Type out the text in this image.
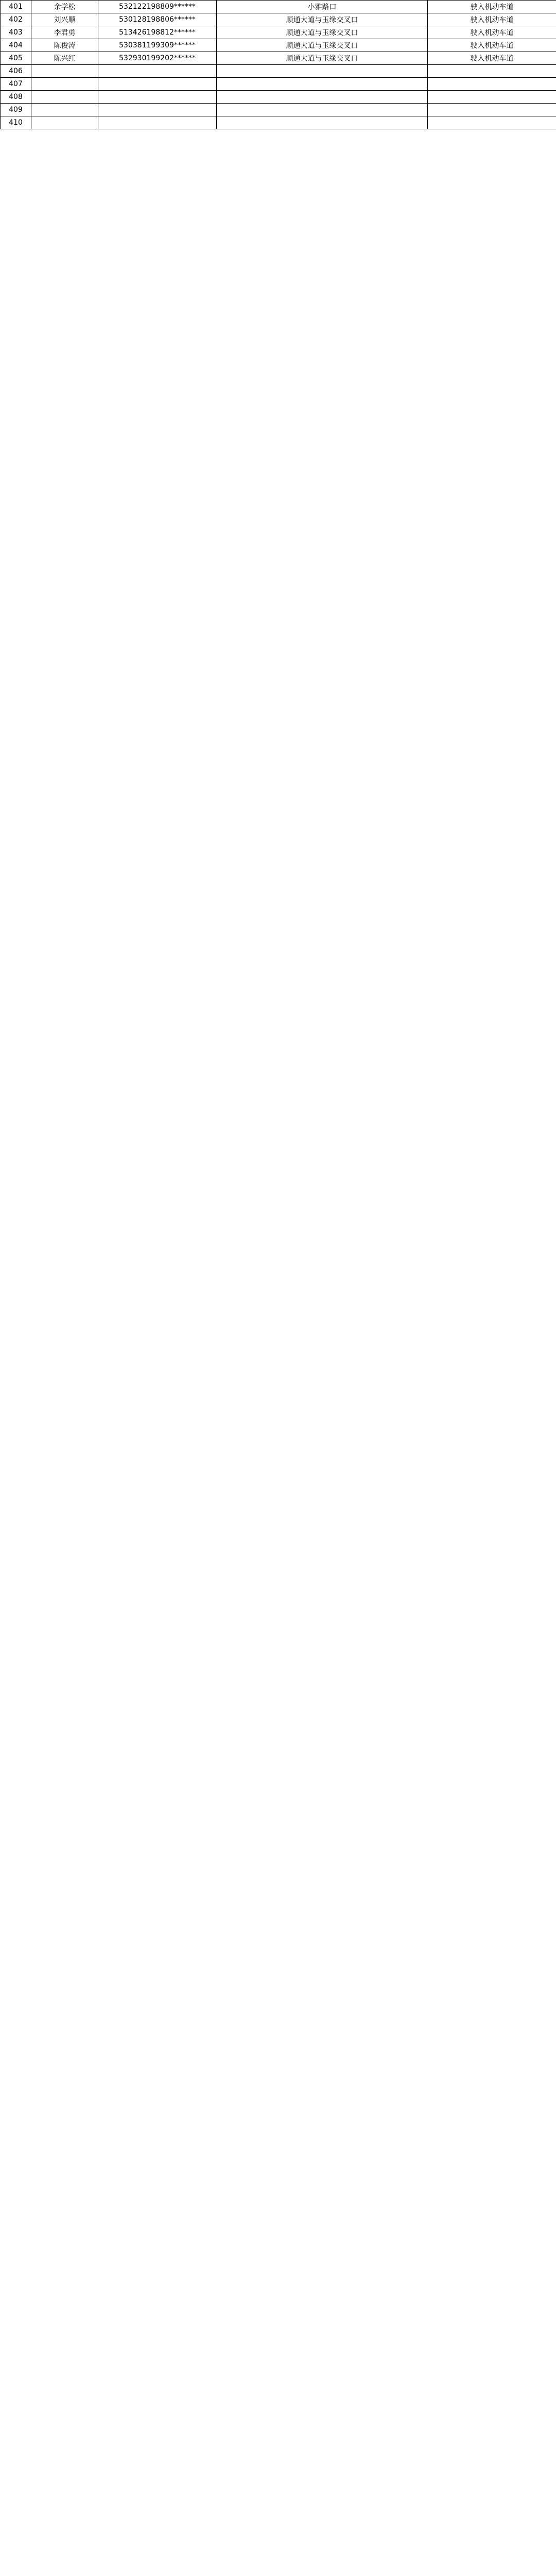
401	余学松	532122198809******	小雅路口	驶入机动车道
402	刘兴顺	530128198806******	顺通大道与玉缘交叉口	驶入机动车道
403	李君勇	513426198812******	顺通大道与玉缘交叉口	驶入机动车道
404	陈俊涛	530381199309******	顺通大道与玉缘交叉口	驶入机动车道
405	陈兴红	532930199202******	顺通大道与玉缘交叉口	驶入机动车道
406				
407				
408				
409				
410				
